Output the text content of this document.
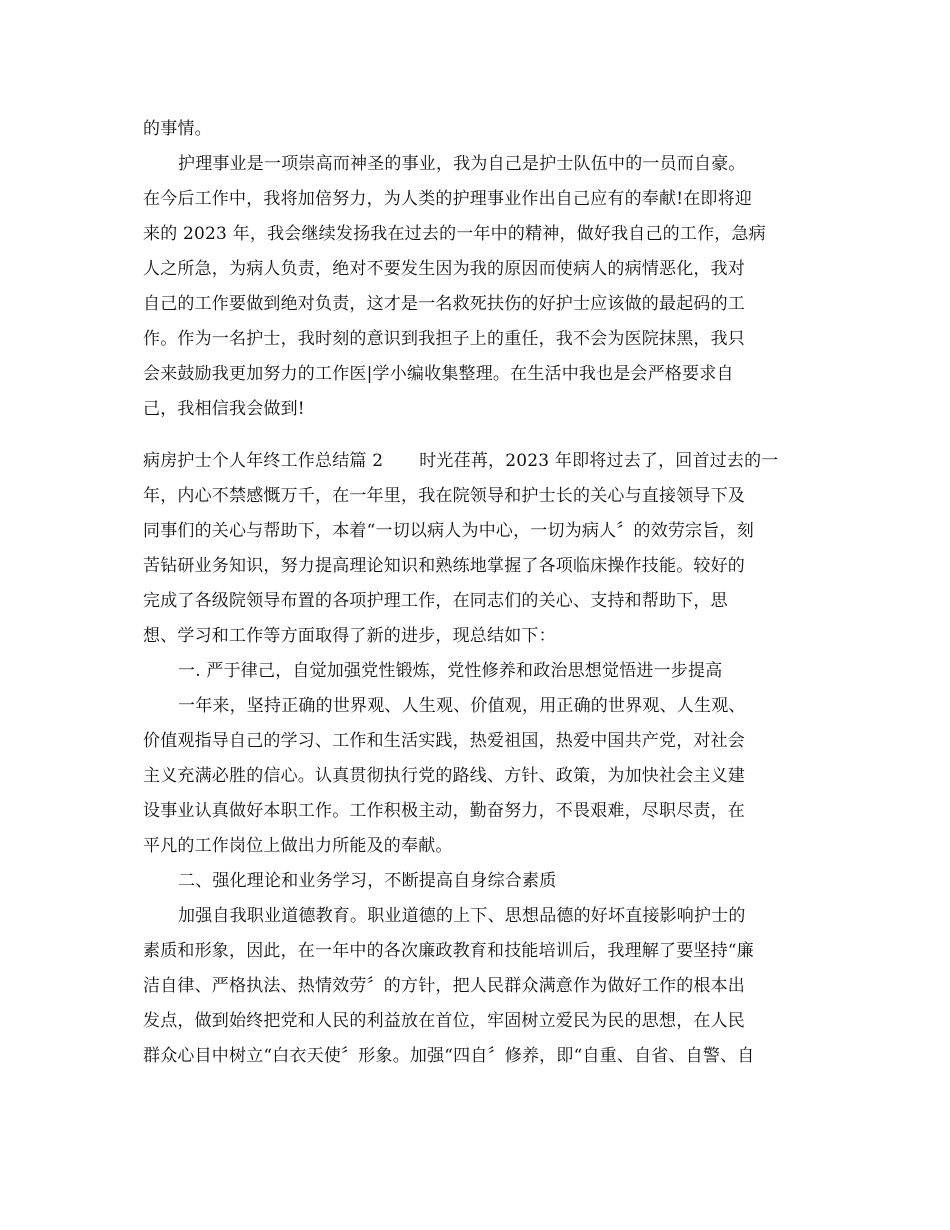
的事情。
护理事业是一项崇高而神圣的事业，我为自己是护士队伍中的一员而自豪。
在今后工作中，我将加倍努力，为人类的护理事业作出自己应有的奉献!在即将迎
来的 2023 年，我会继续发扬我在过去的一年中的精神，做好我自己的工作，急病
人之所急，为病人负责，绝对不要发生因为我的原因而使病人的病情恶化，我对
自己的工作要做到绝对负责，这才是一名救死扶伤的好护士应该做的最起码的工
作。作为一名护士，我时刻的意识到我担子上的重任，我不会为医院抹黑，我只
会来鼓励我更加努力的工作医|学小编收集整理。在生活中我也是会严格要求自
己，我相信我会做到!
病房护士个人年终工作总结篇 2 时光荏苒，2023 年即将过去了，回首过去的一
年，内心不禁感慨万千，在一年里，我在院领导和护士长的关心与直接领导下及
同事们的关心与帮助下，本着“一切以病人为中心，一切为病人〞的效劳宗旨，刻
苦钻研业务知识，努力提高理论知识和熟练地掌握了各项临床操作技能。较好的
完成了各级院领导布置的各项护理工作，在同志们的关心、支持和帮助下，思
想、学习和工作等方面取得了新的进步，现总结如下：
一. 严于律己，自觉加强党性锻炼，党性修养和政治思想觉悟进一步提高
一年来，坚持正确的世界观、人生观、价值观，用正确的世界观、人生观、
价值观指导自己的学习、工作和生活实践，热爱祖国，热爱中国共产党，对社会
主义充满必胜的信心。认真贯彻执行党的路线、方针、政策，为加快社会主义建
设事业认真做好本职工作。工作积极主动，勤奋努力，不畏艰难，尽职尽责，在
平凡的工作岗位上做出力所能及的奉献。
二、强化理论和业务学习，不断提高自身综合素质
加强自我职业道德教育。职业道德的上下、思想品德的好坏直接影响护士的
素质和形象，因此，在一年中的各次廉政教育和技能培训后，我理解了要坚持“廉
洁自律、严格执法、热情效劳〞的方针，把人民群众满意作为做好工作的根本出
发点，做到始终把党和人民的利益放在首位，牢固树立爱民为民的思想，在人民
群众心目中树立“白衣天使〞形象。加强“四自〞修养，即“自重、自省、自警、自
